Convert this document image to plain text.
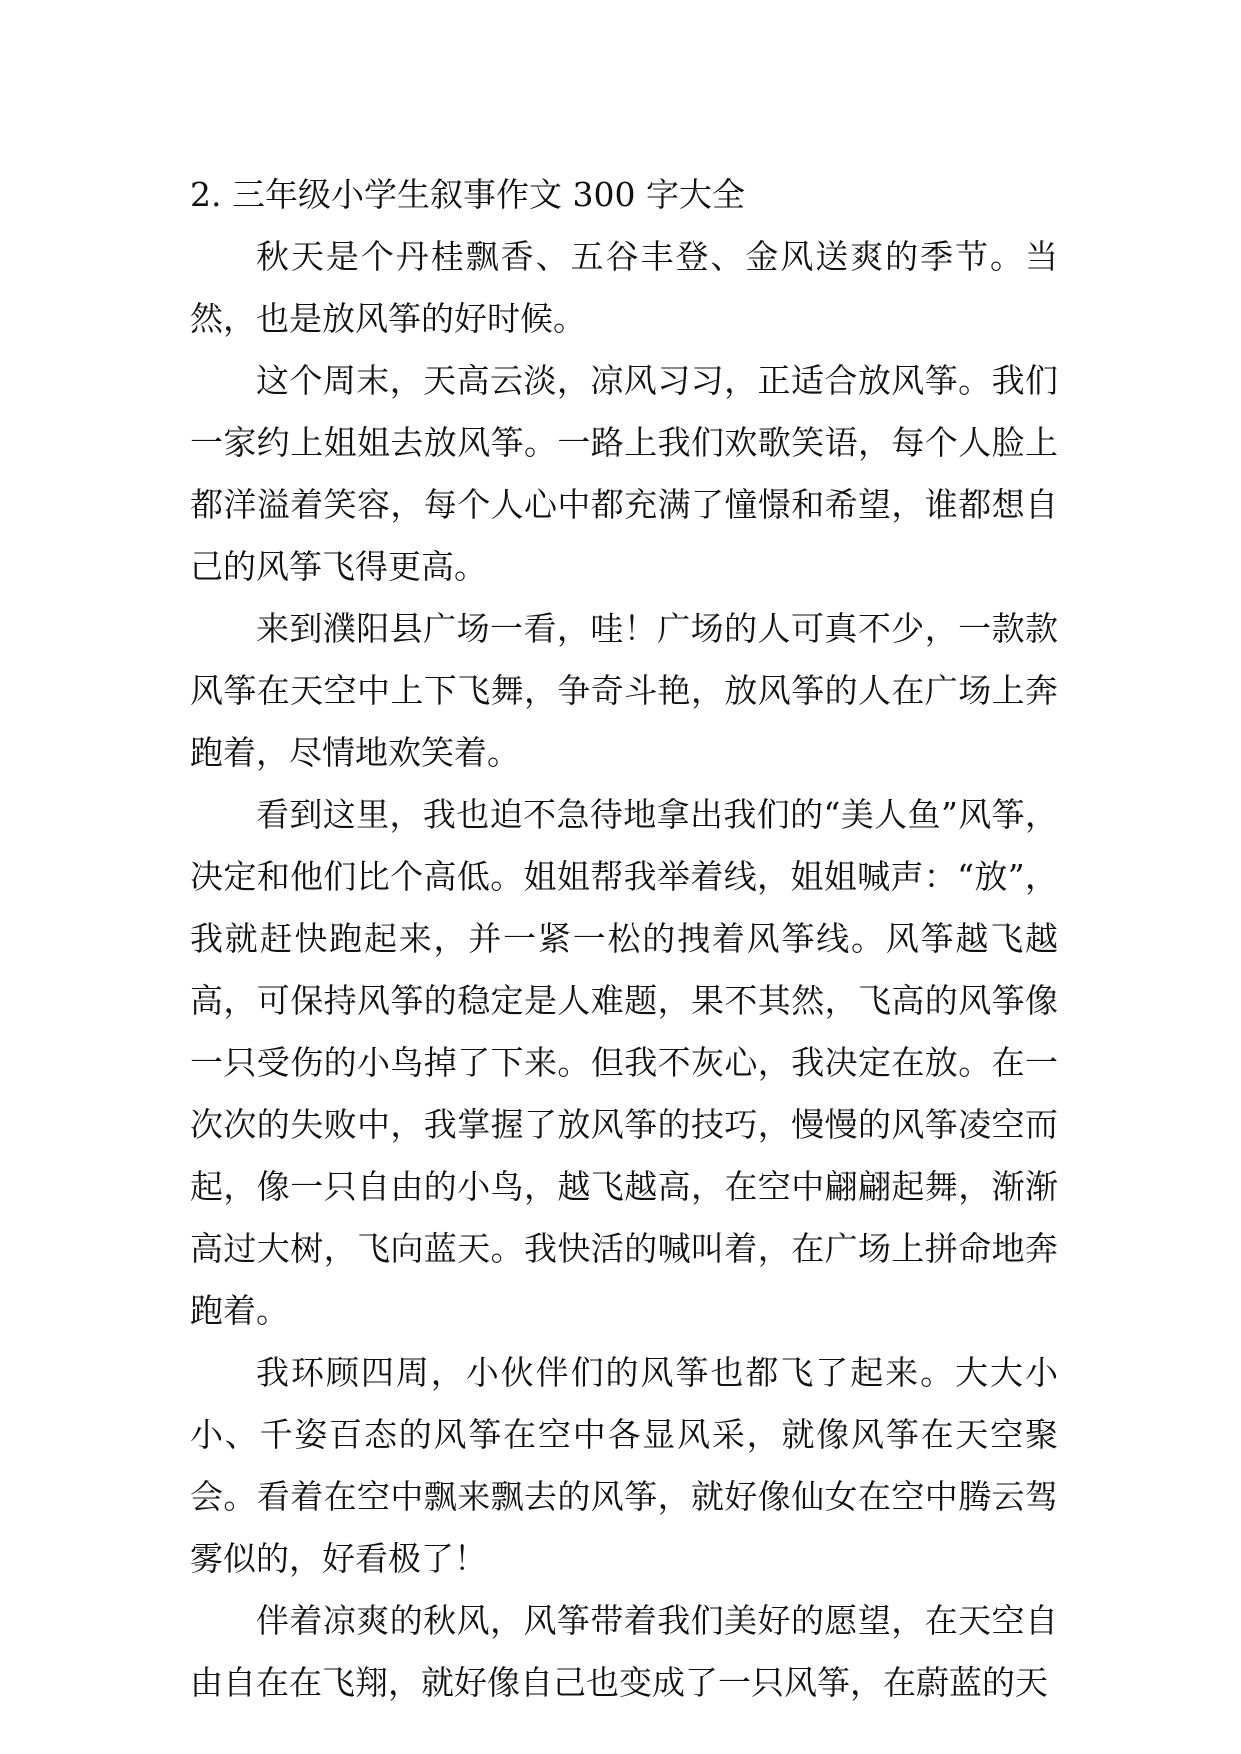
2. 三年级小学生叙事作文 300 字大全

秋天是个丹桂飘香、五谷丰登、金风送爽的季节。当然，也是放风筝的好时候。

这个周末，天高云淡，凉风习习，正适合放风筝。我们一家约上姐姐去放风筝。一路上我们欢歌笑语，每个人脸上都洋溢着笑容，每个人心中都充满了憧憬和希望，谁都想自己的风筝飞得更高。

来到濮阳县广场一看，哇！广场的人可真不少，一款款风筝在天空中上下飞舞，争奇斗艳，放风筝的人在广场上奔跑着，尽情地欢笑着。

看到这里，我也迫不急待地拿出我们的“美人鱼”风筝，决定和他们比个高低。姐姐帮我举着线，姐姐喊声：“放”，我就赶快跑起来，并一紧一松的拽着风筝线。风筝越飞越高，可保持风筝的稳定是人难题，果不其然，飞高的风筝像一只受伤的小鸟掉了下来。但我不灰心，我决定在放。在一次次的失败中，我掌握了放风筝的技巧，慢慢的风筝凌空而起，像一只自由的小鸟，越飞越高，在空中翩翩起舞，渐渐高过大树，飞向蓝天。我快活的喊叫着，在广场上拼命地奔跑着。

我环顾四周，小伙伴们的风筝也都飞了起来。大大小小、千姿百态的风筝在空中各显风采，就像风筝在天空聚会。看着在空中飘来飘去的风筝，就好像仙女在空中腾云驾雾似的，好看极了！

伴着凉爽的秋风，风筝带着我们美好的愿望，在天空自由自在在飞翔，就好像自己也变成了一只风筝，在蔚蓝的天
